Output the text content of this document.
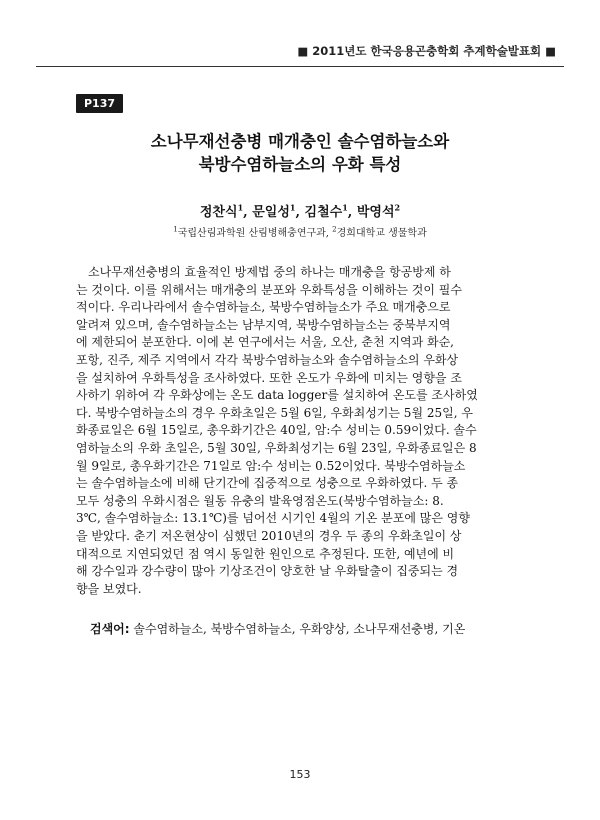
■ 2011년도 한국응용곤충학회 추계학술발표회 ■
P137
소나무재선충병 매개충인 솔수염하늘소와
북방수염하늘소의 우화 특성
정찬식$^1$, 문일성$^1$, 김철수$^1$, 박영석$^2$
$^1$국립산림과학원 산림병해충연구과, $^2$경희대학교 생물학과
소나무재선충병의 효율적인 방제법 중의 하나는 매개충을 항공방제 하
는 것이다. 이를 위해서는 매개충의 분포와 우화특성을 이해하는 것이 필수
적이다. 우리나라에서 솔수염하늘소, 북방수염하늘소가 주요 매개충으로
알려져 있으며, 솔수염하늘소는 남부지역, 북방수염하늘소는 중북부지역
에 제한되어 분포한다. 이에 본 연구에서는 서울, 오산, 춘천 지역과 화순,
포항, 진주, 제주 지역에서 각각 북방수염하늘소와 솔수염하늘소의 우화상
을 설치하여 우화특성을 조사하였다. 또한 온도가 우화에 미치는 영향을 조
사하기 위하여 각 우화상에는 온도 data logger를 설치하여 온도를 조사하였
다. 북방수염하늘소의 경우 우화초일은 5월 6일, 우화최성기는 5월 25일, 우
화종료일은 6월 15일로, 총우화기간은 40일, 암:수 성비는 0.59이었다. 솔수
염하늘소의 우화 초일은, 5월 30일, 우화최성기는 6월 23일, 우화종료일은 8
월 9일로, 총우화기간은 71일로 암:수 성비는 0.52이었다. 북방수염하늘소
는 솔수염하늘소에 비해 단기간에 집중적으로 성충으로 우화하였다. 두 종
모두 성충의 우화시점은 월동 유충의 발육영점온도(북방수염하늘소: 8.
3℃, 솔수염하늘소: 13.1℃)를 넘어선 시기인 4월의 기온 분포에 많은 영향
을 받았다. 춘기 저온현상이 심했던 2010년의 경우 두 종의 우화초일이 상
대적으로 지연되었던 점 역시 동일한 원인으로 추정된다. 또한, 예년에 비
해 강수일과 강수량이 많아 기상조건이 양호한 날 우화탈출이 집중되는 경
향을 보였다.
검색어: 솔수염하늘소, 북방수염하늘소, 우화양상, 소나무재선충병, 기온
153
